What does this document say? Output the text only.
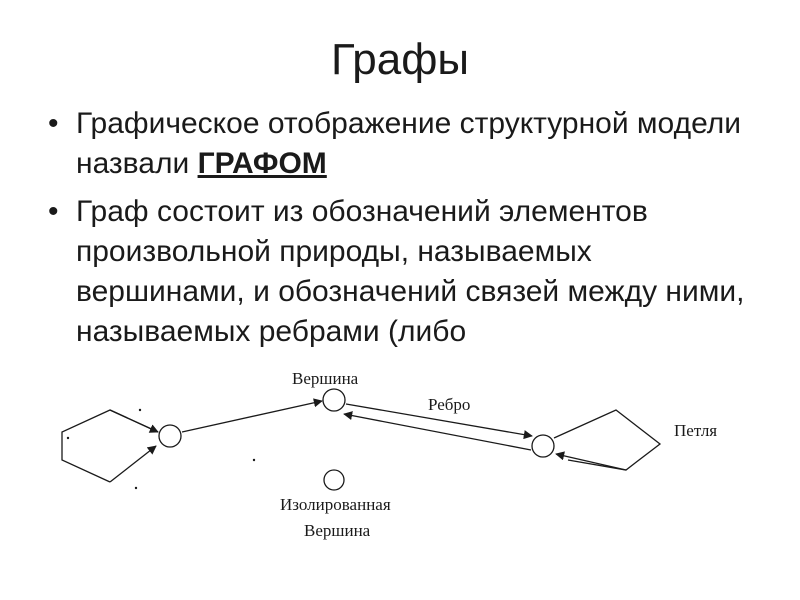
Графы
• Графическое отображение структурной модели назвали ГРАФОМ
• Граф состоит из обозначений элементов произвольной природы, называемых вершинами, и обозначений связей между ними, называемых ребрами (либо
Вершина
Ребро
Петля
Изолированная
Вершина
